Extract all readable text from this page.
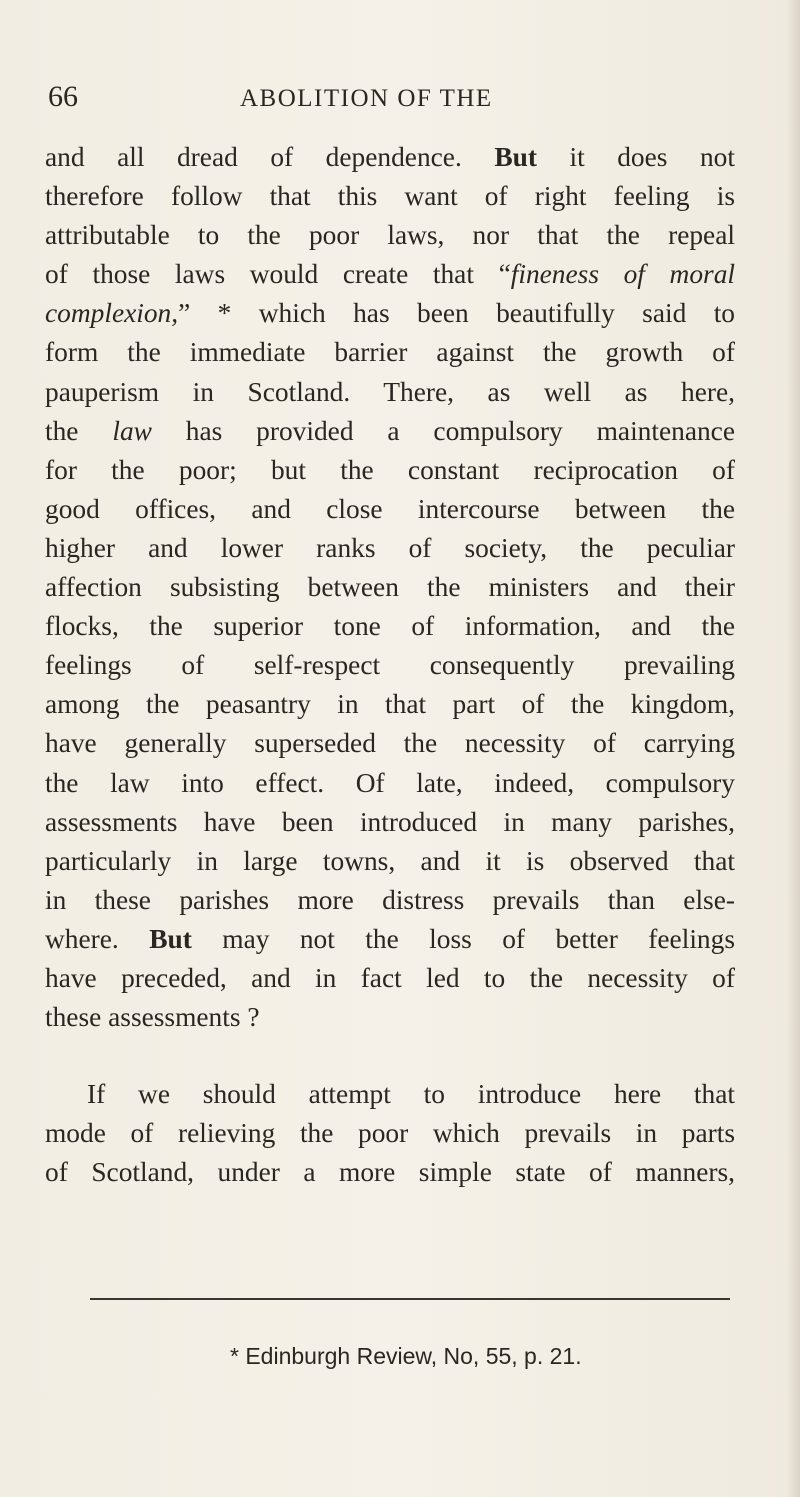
66	ABOLITION OF THE

and all dread of dependence. But it does not
therefore follow that this want of right feeling is
attributable to the poor laws, nor that the repeal
of those laws would create that “fineness of moral
complexion,” * which has been beautifully said to
form the immediate barrier against the growth of
pauperism in Scotland. There, as well as here,
the law has provided a compulsory maintenance
for the poor; but the constant reciprocation of
good offices, and close intercourse between the
higher and lower ranks of society, the peculiar
affection subsisting between the ministers and their
flocks, the superior tone of information, and the
feelings of self-respect consequently prevailing
among the peasantry in that part of the kingdom,
have generally superseded the necessity of carrying
the law into effect. Of late, indeed, compulsory
assessments have been introduced in many parishes,
particularly in large towns, and it is observed that
in these parishes more distress prevails than else-
where. But may not the loss of better feelings
have preceded, and in fact led to the necessity of
these assessments ?

If we should attempt to introduce here that
mode of relieving the poor which prevails in parts
of Scotland, under a more simple state of manners,

* Edinburgh Review, No, 55, p. 21.
